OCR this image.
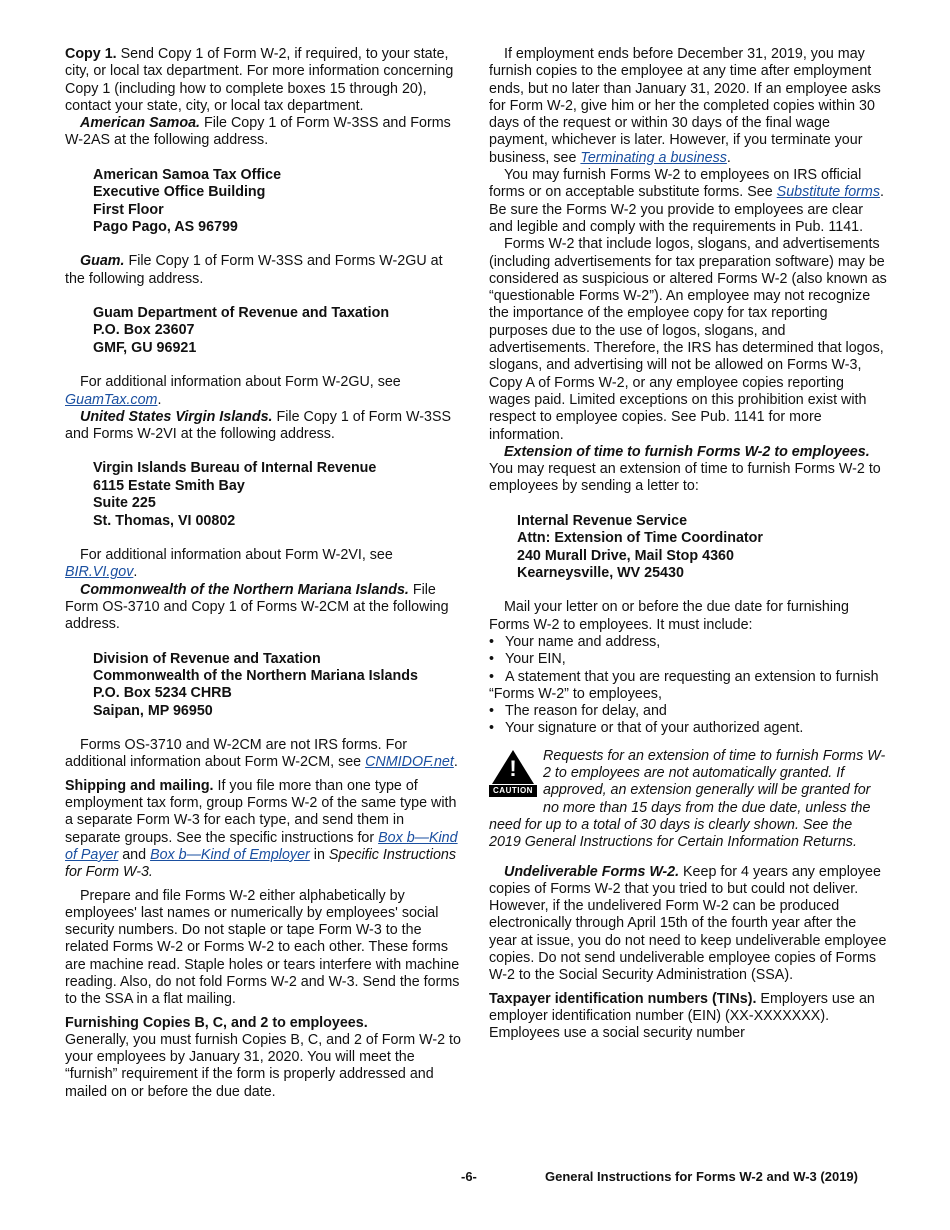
Copy 1. Send Copy 1 of Form W-2, if required, to your state, city, or local tax department. For more information concerning Copy 1 (including how to complete boxes 15 through 20), contact your state, city, or local tax department.

American Samoa. File Copy 1 of Form W-3SS and Forms W-2AS at the following address.

American Samoa Tax Office
Executive Office Building
First Floor
Pago Pago, AS 96799

Guam. File Copy 1 of Form W-3SS and Forms W-2GU at the following address.

Guam Department of Revenue and Taxation
P.O. Box 23607
GMF, GU 96921

For additional information about Form W-2GU, see GuamTax.com.

United States Virgin Islands. File Copy 1 of Form W-3SS and Forms W-2VI at the following address.

Virgin Islands Bureau of Internal Revenue
6115 Estate Smith Bay
Suite 225
St. Thomas, VI 00802

For additional information about Form W-2VI, see BIR.VI.gov.

Commonwealth of the Northern Mariana Islands. File Form OS-3710 and Copy 1 of Forms W-2CM at the following address.

Division of Revenue and Taxation
Commonwealth of the Northern Mariana Islands
P.O. Box 5234 CHRB
Saipan, MP 96950

Forms OS-3710 and W-2CM are not IRS forms. For additional information about Form W-2CM, see CNMIDOF.net.

Shipping and mailing. If you file more than one type of employment tax form, group Forms W-2 of the same type with a separate Form W-3 for each type, and send them in separate groups. See the specific instructions for Box b—Kind of Payer and Box b—Kind of Employer in Specific Instructions for Form W-3.

Prepare and file Forms W-2 either alphabetically by employees' last names or numerically by employees' social security numbers. Do not staple or tape Form W-3 to the related Forms W-2 or Forms W-2 to each other. These forms are machine read. Staple holes or tears interfere with machine reading. Also, do not fold Forms W-2 and W-3. Send the forms to the SSA in a flat mailing.

Furnishing Copies B, C, and 2 to employees.
Generally, you must furnish Copies B, C, and 2 of Form W-2 to your employees by January 31, 2020. You will meet the “furnish” requirement if the form is properly addressed and mailed on or before the due date.

If employment ends before December 31, 2019, you may furnish copies to the employee at any time after employment ends, but no later than January 31, 2020. If an employee asks for Form W-2, give him or her the completed copies within 30 days of the request or within 30 days of the final wage payment, whichever is later. However, if you terminate your business, see Terminating a business.

You may furnish Forms W-2 to employees on IRS official forms or on acceptable substitute forms. See Substitute forms. Be sure the Forms W-2 you provide to employees are clear and legible and comply with the requirements in Pub. 1141.

Forms W-2 that include logos, slogans, and advertisements (including advertisements for tax preparation software) may be considered as suspicious or altered Forms W-2 (also known as “questionable Forms W-2”). An employee may not recognize the importance of the employee copy for tax reporting purposes due to the use of logos, slogans, and advertisements. Therefore, the IRS has determined that logos, slogans, and advertising will not be allowed on Forms W-3, Copy A of Forms W-2, or any employee copies reporting wages paid. Limited exceptions on this prohibition exist with respect to employee copies. See Pub. 1141 for more information.

Extension of time to furnish Forms W-2 to employees. You may request an extension of time to furnish Forms W-2 to employees by sending a letter to:

Internal Revenue Service
Attn: Extension of Time Coordinator
240 Murall Drive, Mail Stop 4360
Kearneysville, WV 25430

Mail your letter on or before the due date for furnishing Forms W-2 to employees. It must include:

• Your name and address,
• Your EIN,
• A statement that you are requesting an extension to furnish “Forms W-2” to employees,
• The reason for delay, and
• Your signature or that of your authorized agent.
!
CAUTION

Requests for an extension of time to furnish Forms W-2 to employees are not automatically granted. If approved, an extension generally will be granted for no more than 15 days from the due date, unless the need for up to a total of 30 days is clearly shown. See the 2019 General Instructions for Certain Information Returns.

Undeliverable Forms W-2. Keep for 4 years any employee copies of Forms W-2 that you tried to but could not deliver. However, if the undelivered Form W-2 can be produced electronically through April 15th of the fourth year after the year at issue, you do not need to keep undeliverable employee copies. Do not send undeliverable employee copies of Forms W-2 to the Social Security Administration (SSA).

Taxpayer identification numbers (TINs). Employers use an employer identification number (EIN) (XX-XXXXXXX). Employees use a social security number

-6-	General Instructions for Forms W-2 and W-3 (2019)
